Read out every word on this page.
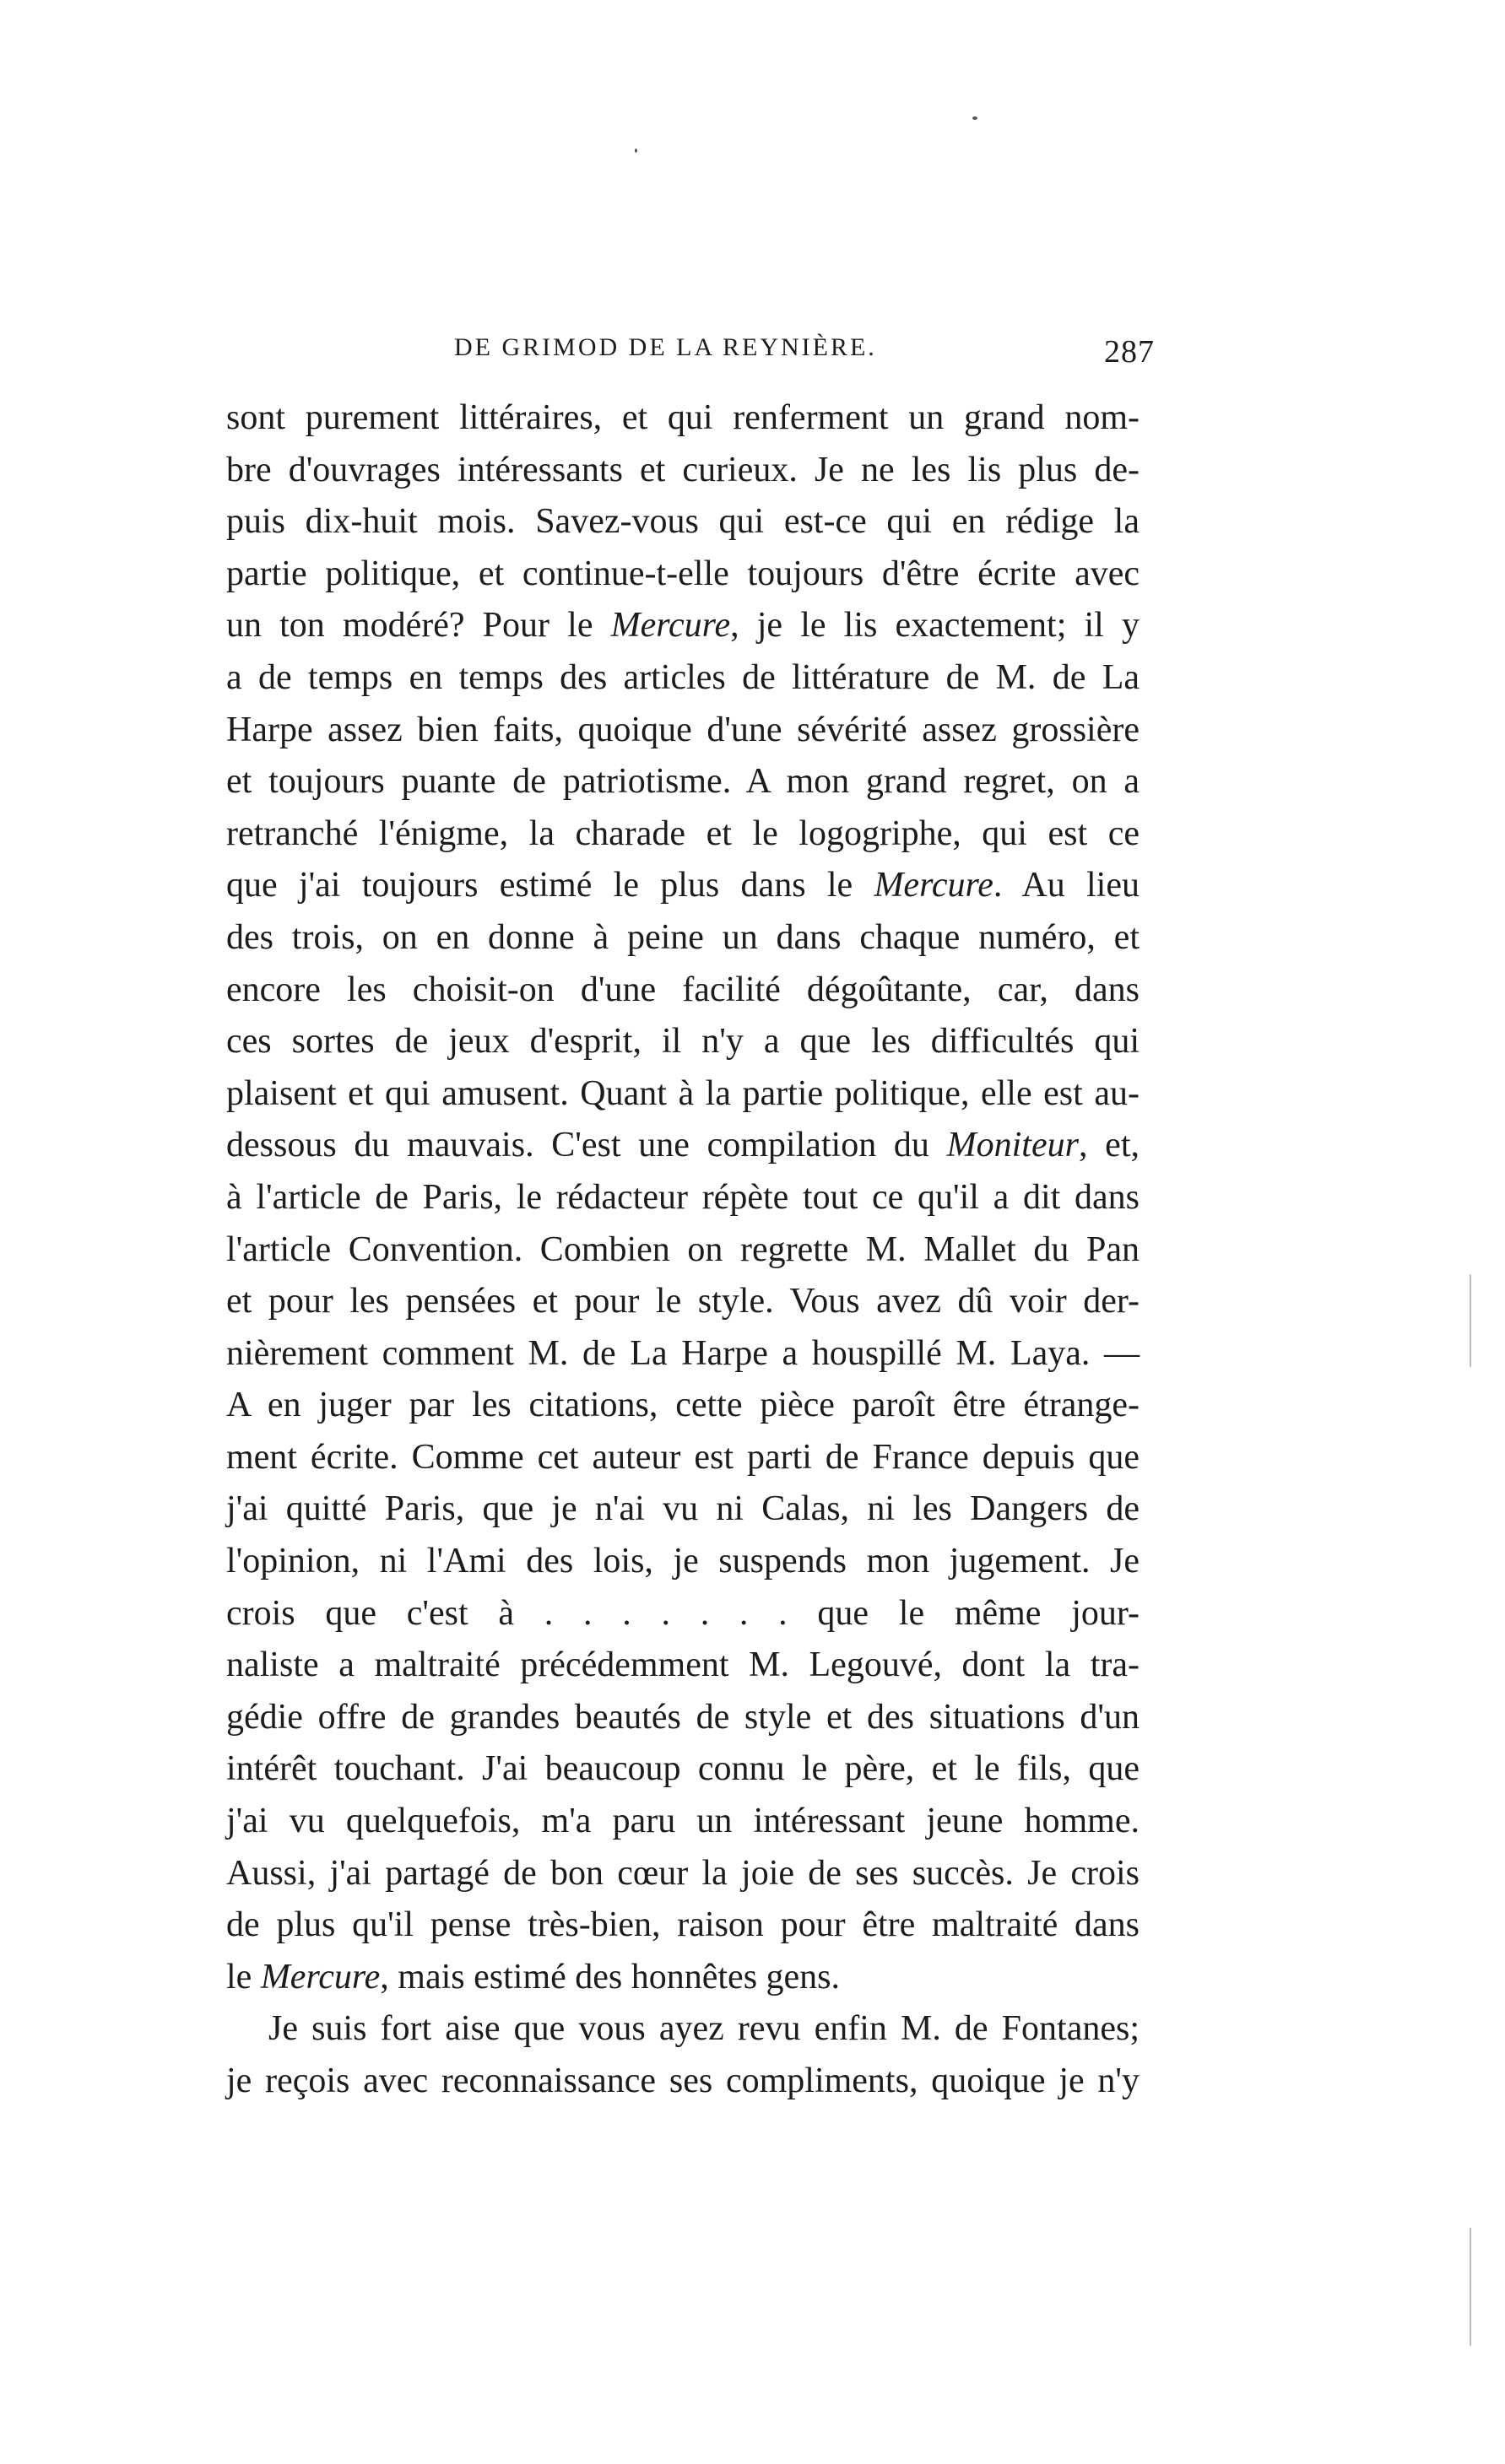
DE GRIMOD DE LA REYNIÈRE.	287
sont purement littéraires, et qui renferment un grand nom-
bre d'ouvrages intéressants et curieux. Je ne les lis plus de-
puis dix-huit mois. Savez-vous qui est-ce qui en rédige la
partie politique, et continue-t-elle toujours d'être écrite avec
un ton modéré? Pour le Mercure, je le lis exactement; il y
a de temps en temps des articles de littérature de M. de La
Harpe assez bien faits, quoique d'une sévérité assez grossière
et toujours puante de patriotisme. A mon grand regret, on a
retranché l'énigme, la charade et le logogriphe, qui est ce
que j'ai toujours estimé le plus dans le Mercure. Au lieu
des trois, on en donne à peine un dans chaque numéro, et
encore les choisit-on d'une facilité dégoûtante, car, dans
ces sortes de jeux d'esprit, il n'y a que les difficultés qui
plaisent et qui amusent. Quant à la partie politique, elle est au-
dessous du mauvais. C'est une compilation du Moniteur, et,
à l'article de Paris, le rédacteur répète tout ce qu'il a dit dans
l'article Convention. Combien on regrette M. Mallet du Pan
et pour les pensées et pour le style. Vous avez dû voir der-
nièrement comment M. de La Harpe a houspillé M. Laya. —
A en juger par les citations, cette pièce paroît être étrange-
ment écrite. Comme cet auteur est parti de France depuis que
j'ai quitté Paris, que je n'ai vu ni Calas, ni les Dangers de
l'opinion, ni l'Ami des lois, je suspends mon jugement. Je
crois que c'est à . . . . . . . que le même jour-
naliste a maltraité précédemment M. Legouvé, dont la tra-
gédie offre de grandes beautés de style et des situations d'un
intérêt touchant. J'ai beaucoup connu le père, et le fils, que
j'ai vu quelquefois, m'a paru un intéressant jeune homme.
Aussi, j'ai partagé de bon cœur la joie de ses succès. Je crois
de plus qu'il pense très-bien, raison pour être maltraité dans
le Mercure, mais estimé des honnêtes gens.
Je suis fort aise que vous ayez revu enfin M. de Fontanes;
je reçois avec reconnaissance ses compliments, quoique je n'y
